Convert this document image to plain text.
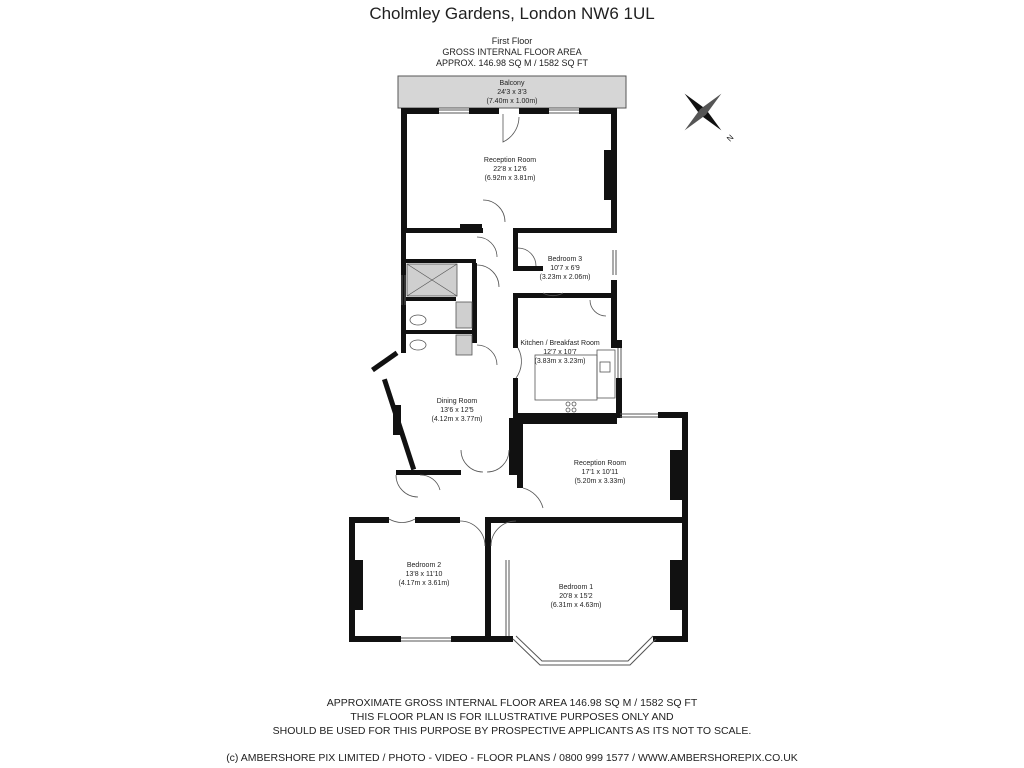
Cholmley Gardens, London NW6 1UL
First Floor
GROSS INTERNAL FLOOR AREA
APPROX. 146.98 SQ M / 1582 SQ FT
N
Balcony
24'3 x 3'3
(7.40m x 1.00m)
Reception Room
22'8 x 12'6
(6.92m x 3.81m)
Bedroom 3
10'7 x 6'9
(3.23m x 2.06m)
Kitchen / Breakfast Room
12'7 x 10'7
(3.83m x 3.23m)
Dining Room
13'6 x 12'5
(4.12m x 3.77m)
Reception Room
17'1 x 10'11
(5.20m x 3.33m)
Bedroom 2
13'8 x 11'10
(4.17m x 3.61m)
Bedroom 1
20'8 x 15'2
(6.31m x 4.63m)
APPROXIMATE GROSS INTERNAL FLOOR AREA 146.98 SQ M / 1582 SQ FT
THIS FLOOR PLAN IS FOR ILLUSTRATIVE PURPOSES ONLY AND
SHOULD BE USED FOR THIS PURPOSE BY PROSPECTIVE APPLICANTS AS ITS NOT TO SCALE.
(c) AMBERSHORE PIX LIMITED / PHOTO - VIDEO - FLOOR PLANS / 0800 999 1577 / WWW.AMBERSHOREPIX.CO.UK
